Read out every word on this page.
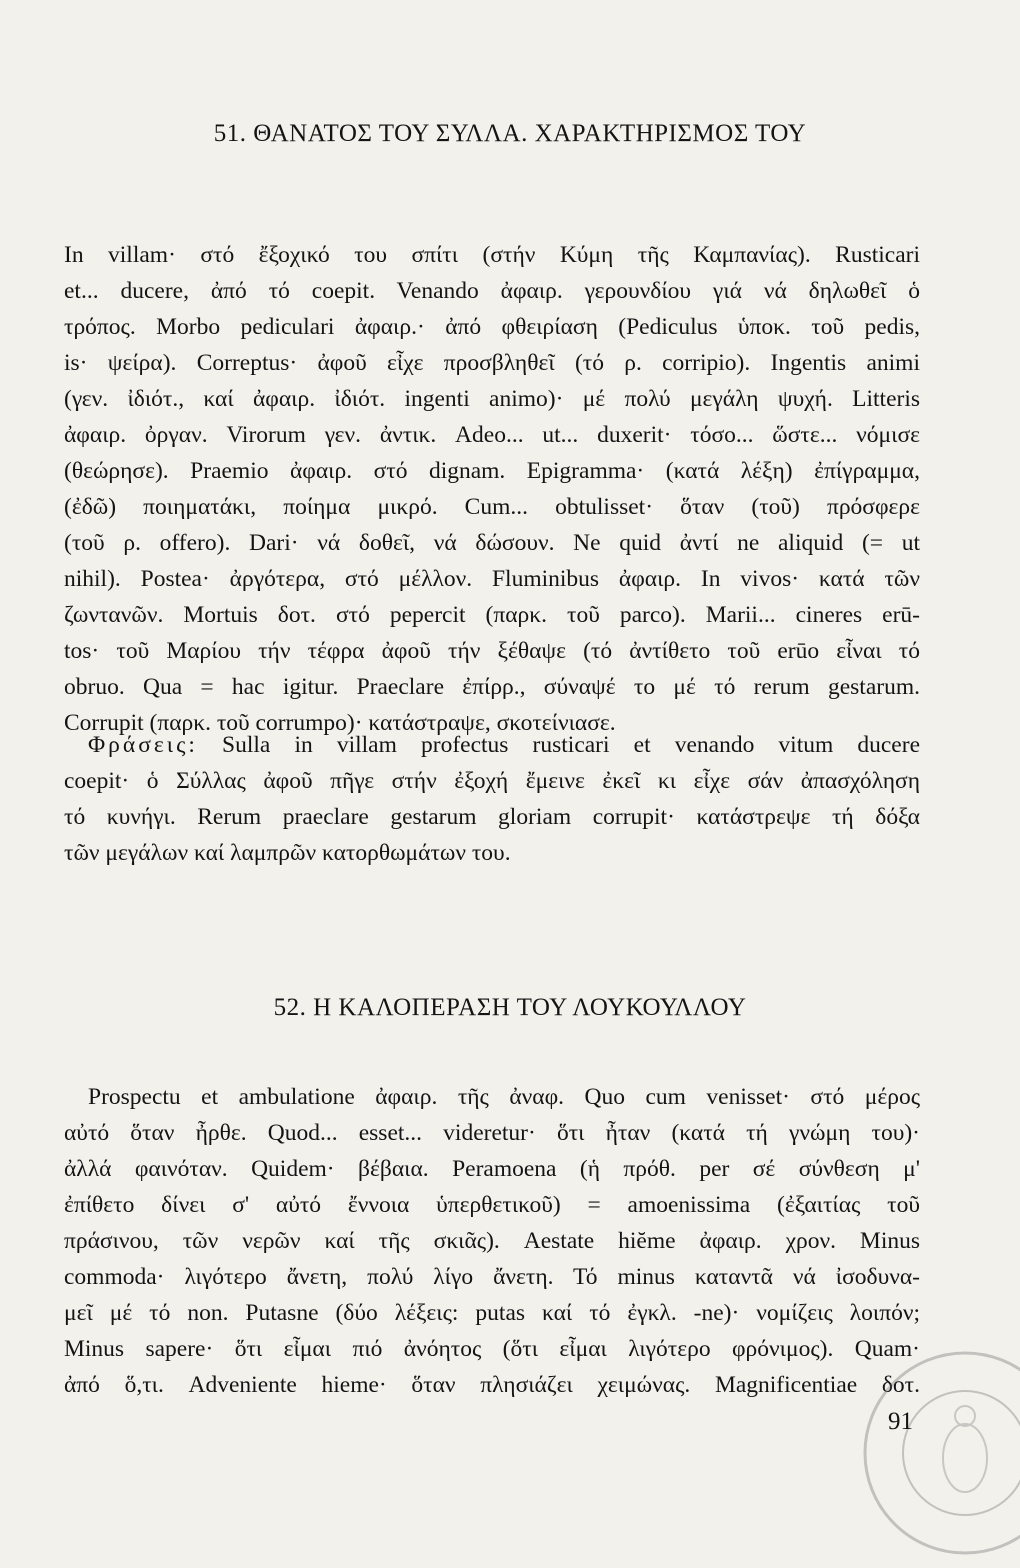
51. ΘΑΝΑΤΟΣ ΤΟΥ ΣΥΛΛΑ. ΧΑΡΑΚΤΗΡΙΣΜΟΣ ΤΟΥ
In villam· στό ἔξοχικό του σπίτι (στήν Κύμη τῆς Καμπανίας). Rusticari
et... ducere, ἀπό τό coepit. Venando ἀφαιρ. γερουνδίου γιά νά δηλωθεῖ ὁ
τρόπος. Morbo pediculari ἀφαιρ.· ἀπό φθειρίαση (Pediculus ὑποκ. τοῦ pedis,
is· ψείρα). Correptus· ἀφοῦ εἶχε προσβληθεῖ (τό ρ. corripio). Ingentis animi
(γεν. ἰδιότ., καί ἀφαιρ. ἰδιότ. ingenti animo)· μέ πολύ μεγάλη ψυχή. Litteris
ἀφαιρ. ὀργαν. Virorum γεν. ἀντικ. Adeo... ut... duxerit· τόσο... ὥστε... νόμισε
(θεώρησε). Praemio ἀφαιρ. στό dignam. Epigramma· (κατά λέξη) ἐπίγραμμα,
(ἐδῶ) ποιηματάκι, ποίημα μικρό. Cum... obtulisset· ὅταν (τοῦ) πρόσφερε
(τοῦ ρ. offero). Dari· νά δοθεῖ, νά δώσουν. Ne quid ἀντί ne aliquid (= ut
nihil). Postea· ἀργότερα, στό μέλλον. Fluminibus ἀφαιρ. In vivos· κατά τῶν
ζωντανῶν. Mortuis δοτ. στό pepercit (παρκ. τοῦ parco). Marii... cineres erū-
tos· τοῦ Μαρίου τήν τέφρα ἀφοῦ τήν ξέθαψε (τό ἀντίθετο τοῦ erūo εἶναι τό
obruo. Qua = hac igitur. Praeclare ἐπίρρ., σύναψέ το μέ τό rerum gestarum.
Corrupit (παρκ. τοῦ corrumpo)· κατάστραψε, σκοτείνιασε.
Φράσεις: Sulla in villam profectus rusticari et venando vitum ducere
coepit· ὁ Σύλλας ἀφοῦ πῆγε στήν ἐξοχή ἔμεινε ἐκεῖ κι εἶχε σάν ἀπασχόληση
τό κυνήγι. Rerum praeclare gestarum gloriam corrupit· κατάστρεψε τή δόξα
τῶν μεγάλων καί λαμπρῶν κατορθωμάτων του.
52. Η ΚΑΛΟΠΕΡΑΣΗ ΤΟΥ ΛΟΥΚΟΥΛΛΟΥ
Prospectu et ambulatione ἀφαιρ. τῆς ἀναφ. Quo cum venisset· στό μέρος
αὐτό ὅταν ἦρθε. Quod... esset... videretur· ὅτι ἦταν (κατά τή γνώμη του)·
ἀλλά φαινόταν. Quidem· βέβαια. Peramoena (ἡ πρόθ. per σέ σύνθεση μ'
ἐπίθετο δίνει σ' αὐτό ἔννοια ὑπερθετικοῦ) = amoenissima (ἐξαιτίας τοῦ
πράσινου, τῶν νερῶν καί τῆς σκιᾶς). Aestate hiĕme ἀφαιρ. χρον. Minus
commoda· λιγότερο ἄνετη, πολύ λίγο ἄνετη. Τό minus καταντᾶ νά ἰσοδυνα-
μεῖ μέ τό non. Putasne (δύο λέξεις: putas καί τό ἐγκλ. -ne)· νομίζεις λοιπόν;
Minus sapere· ὅτι εἶμαι πιό ἀνόητος (ὅτι εἶμαι λιγότερο φρόνιμος). Quam·
ἀπό ὅ,τι. Adveniente hieme· ὅταν πλησιάζει χειμώνας. Magnificentiae δοτ.
91
